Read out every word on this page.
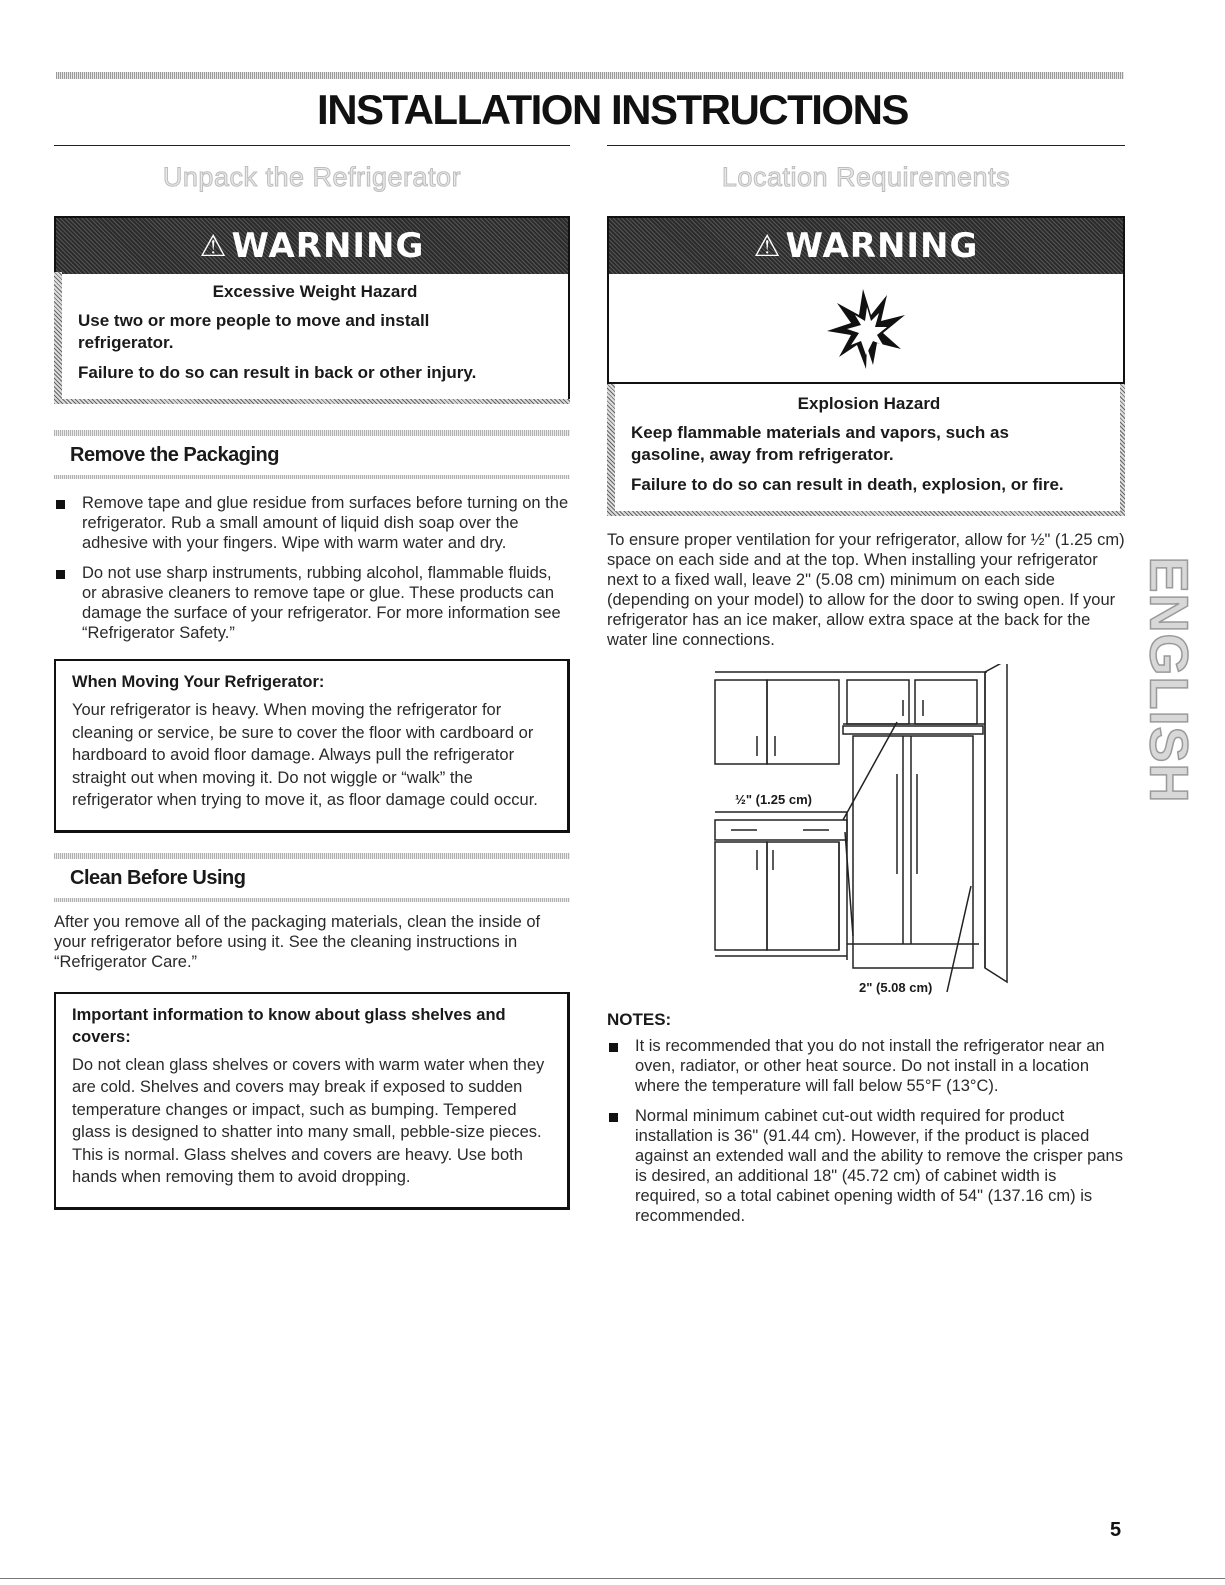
INSTALLATION INSTRUCTIONS
Unpack the Refrigerator
⚠ WARNING

Excessive Weight Hazard

Use two or more people to move and install refrigerator.

Failure to do so can result in back or other injury.

Remove the Packaging
Remove tape and glue residue from surfaces before turning on the refrigerator. Rub a small amount of liquid dish soap over the adhesive with your fingers. Wipe with warm water and dry.
Do not use sharp instruments, rubbing alcohol, flammable fluids, or abrasive cleaners to remove tape or glue. These products can damage the surface of your refrigerator. For more information see “Refrigerator Safety.”
When Moving Your Refrigerator:

Your refrigerator is heavy. When moving the refrigerator for cleaning or service, be sure to cover the floor with cardboard or hardboard to avoid floor damage. Always pull the refrigerator straight out when moving it. Do not wiggle or “walk” the refrigerator when trying to move it, as floor damage could occur.

Clean Before Using

After you remove all of the packaging materials, clean the inside of your refrigerator before using it. See the cleaning instructions in “Refrigerator Care.”

Important information to know about glass shelves and covers:

Do not clean glass shelves or covers with warm water when they are cold. Shelves and covers may break if exposed to sudden temperature changes or impact, such as bumping. Tempered glass is designed to shatter into many small, pebble-size pieces. This is normal. Glass shelves and covers are heavy. Use both hands when removing them to avoid dropping.

Location Requirements
⚠ WARNING

Explosion Hazard

Keep flammable materials and vapors, such as gasoline, away from refrigerator.

Failure to do so can result in death, explosion, or fire.

To ensure proper ventilation for your refrigerator, allow for ½" (1.25 cm) space on each side and at the top. When installing your refrigerator next to a fixed wall, leave 2" (5.08 cm) minimum on each side (depending on your model) to allow for the door to swing open. If your refrigerator has an ice maker, allow extra space at the back for the water line connections.

½" (1.25 cm)
2" (5.08 cm)

NOTES:

It is recommended that you do not install the refrigerator near an oven, radiator, or other heat source. Do not install in a location where the temperature will fall below 55°F (13°C).
Normal minimum cabinet cut-out width required for product installation is 36" (91.44 cm). However, if the product is placed against an extended wall and the ability to remove the crisper pans is desired, an additional 18" (45.72 cm) of cabinet width is required, so a total cabinet opening width of 54" (137.16 cm) is recommended.
ENGLISH
5
